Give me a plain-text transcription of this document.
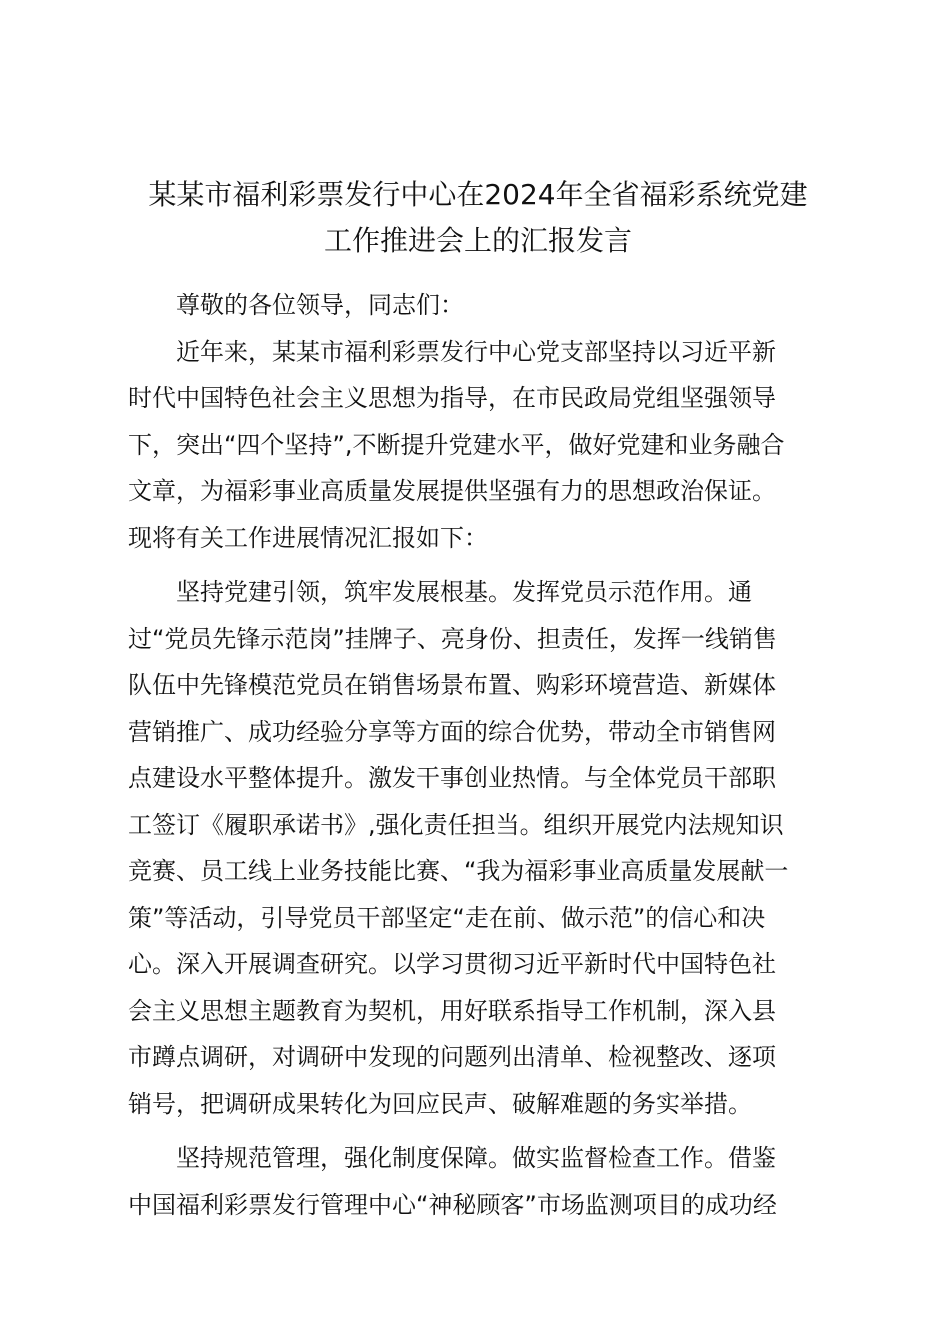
某某市福利彩票发行中心在2024年全省福彩系统党建
工作推进会上的汇报发言
尊敬的各位领导，同志们：
近年来，某某市福利彩票发行中心党支部坚持以习近平新
时代中国特色社会主义思想为指导，在市民政局党组坚强领导
下，突出“四个坚持”,不断提升党建水平，做好党建和业务融合
文章，为福彩事业高质量发展提供坚强有力的思想政治保证。
现将有关工作进展情况汇报如下：
坚持党建引领，筑牢发展根基。发挥党员示范作用。通
过“党员先锋示范岗”挂牌子、亮身份、担责任，发挥一线销售
队伍中先锋模范党员在销售场景布置、购彩环境营造、新媒体
营销推广、成功经验分享等方面的综合优势，带动全市销售网
点建设水平整体提升。激发干事创业热情。与全体党员干部职
工签订《履职承诺书》,强化责任担当。组织开展党内法规知识
竞赛、员工线上业务技能比赛、“我为福彩事业高质量发展献一
策”等活动，引导党员干部坚定“走在前、做示范”的信心和决
心。深入开展调查研究。以学习贯彻习近平新时代中国特色社
会主义思想主题教育为契机，用好联系指导工作机制，深入县
市蹲点调研，对调研中发现的问题列出清单、检视整改、逐项
销号，把调研成果转化为回应民声、破解难题的务实举措。
坚持规范管理，强化制度保障。做实监督检查工作。借鉴
中国福利彩票发行管理中心“神秘顾客”市场监测项目的成功经
